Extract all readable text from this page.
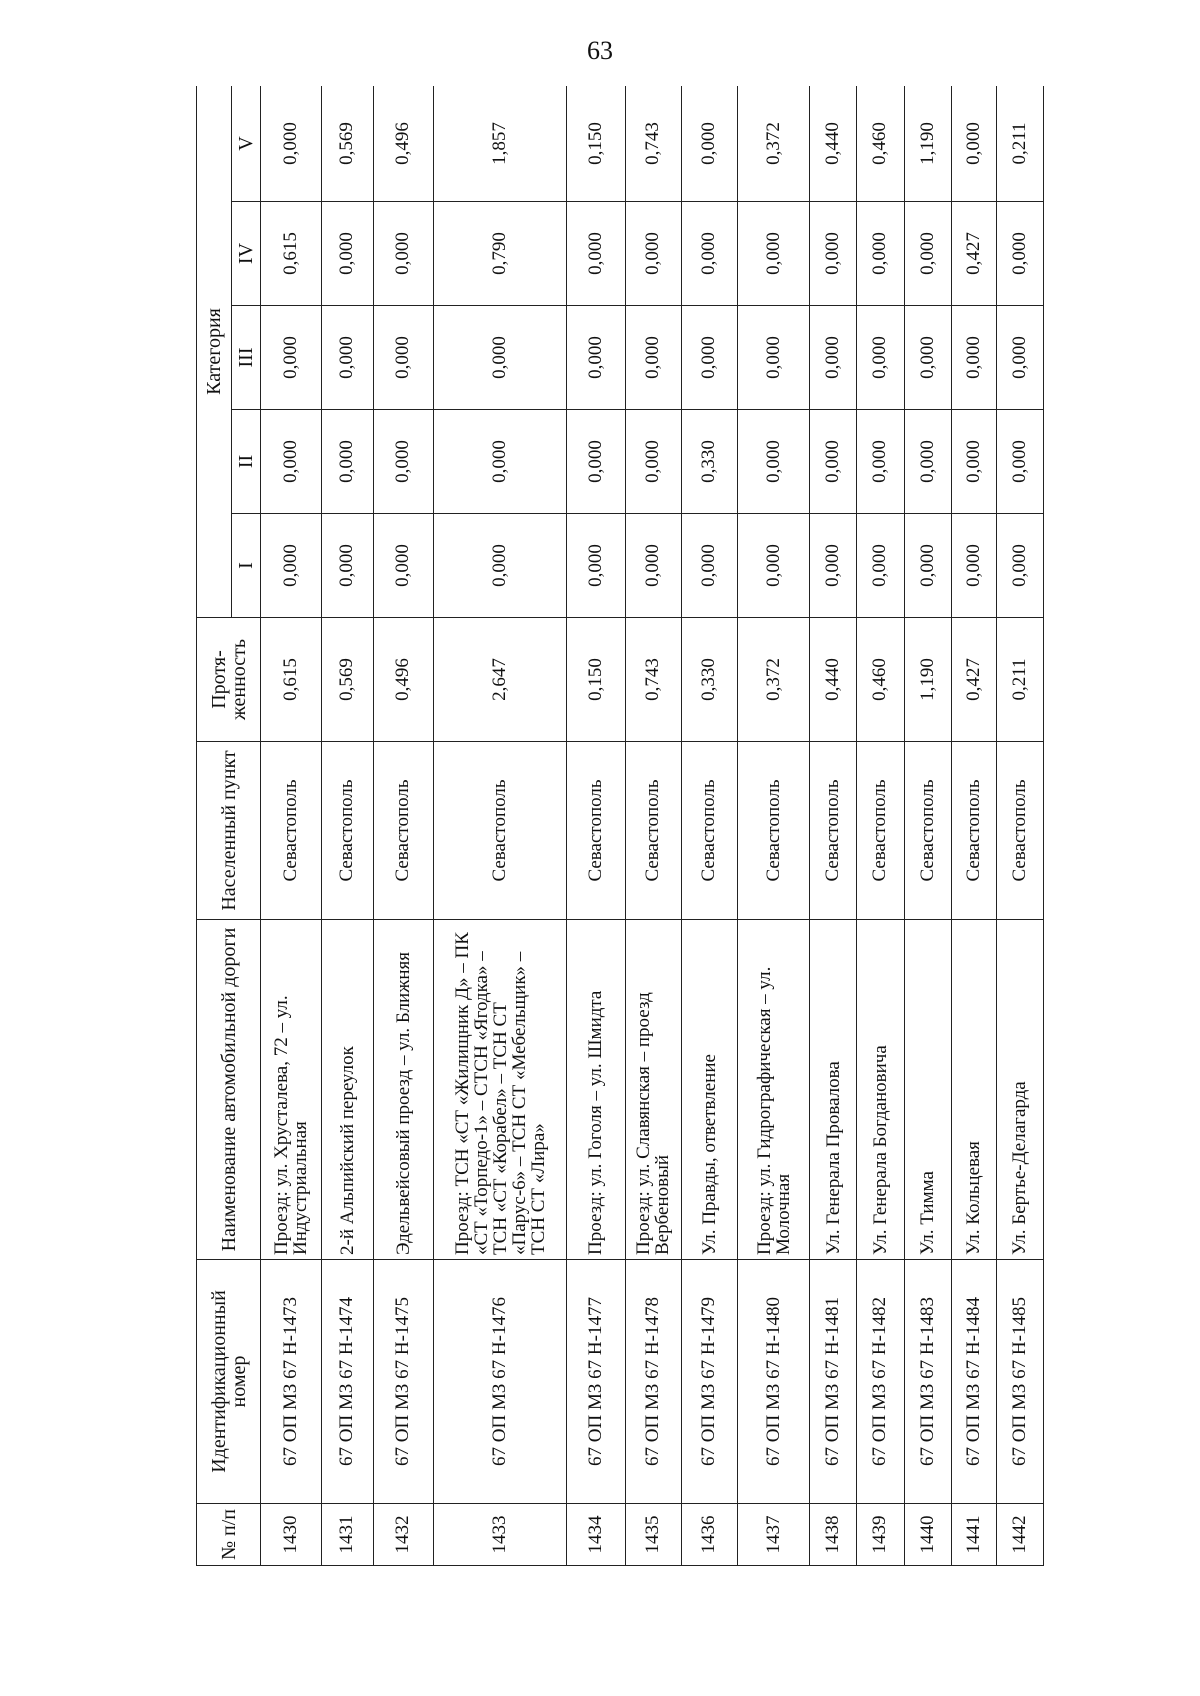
63
№ п/п	Идентификационный номер	Наименование автомобильной дороги	Населенный пункт	Протя-женность	Категория				
					I	II	III	IV	V
1430	67 ОП МЗ 67 Н-1473	Проезд: ул. Хрусталева, 72 – ул. Индустриальная	Севастополь	0,615	0,000	0,000	0,000	0,615	0,000
1431	67 ОП МЗ 67 Н-1474	2-й Альпийский переулок	Севастополь	0,569	0,000	0,000	0,000	0,000	0,569
1432	67 ОП МЗ 67 Н-1475	Эдельвейсовый проезд – ул. Ближняя	Севастополь	0,496	0,000	0,000	0,000	0,000	0,496
1433	67 ОП МЗ 67 Н-1476	Проезд: ТСН «СТ «Жилищник Д» – ПК «СТ «Торпедо-1» – СТСН «Ягодка» – ТСН «СТ «Корабел» – ТСН СТ «Парус-6» – ТСН СТ «Мебельщик» – ТСН СТ «Лира»	Севастополь	2,647	0,000	0,000	0,000	0,790	1,857
1434	67 ОП МЗ 67 Н-1477	Проезд: ул. Гоголя – ул. Шмидта	Севастополь	0,150	0,000	0,000	0,000	0,000	0,150
1435	67 ОП МЗ 67 Н-1478	Проезд: ул. Славянская – проезд Вербеновый	Севастополь	0,743	0,000	0,000	0,000	0,000	0,743
1436	67 ОП МЗ 67 Н-1479	Ул. Правды, ответвление	Севастополь	0,330	0,000	0,330	0,000	0,000	0,000
1437	67 ОП МЗ 67 Н-1480	Проезд: ул. Гидрографическая – ул. Молочная	Севастополь	0,372	0,000	0,000	0,000	0,000	0,372
1438	67 ОП МЗ 67 Н-1481	Ул. Генерала Провалова	Севастополь	0,440	0,000	0,000	0,000	0,000	0,440
1439	67 ОП МЗ 67 Н-1482	Ул. Генерала Богдановича	Севастополь	0,460	0,000	0,000	0,000	0,000	0,460
1440	67 ОП МЗ 67 Н-1483	Ул. Тимма	Севастополь	1,190	0,000	0,000	0,000	0,000	1,190
1441	67 ОП МЗ 67 Н-1484	Ул. Кольцевая	Севастополь	0,427	0,000	0,000	0,000	0,427	0,000
1442	67 ОП МЗ 67 Н-1485	Ул. Бертье-Делагарда	Севастополь	0,211	0,000	0,000	0,000	0,000	0,211
